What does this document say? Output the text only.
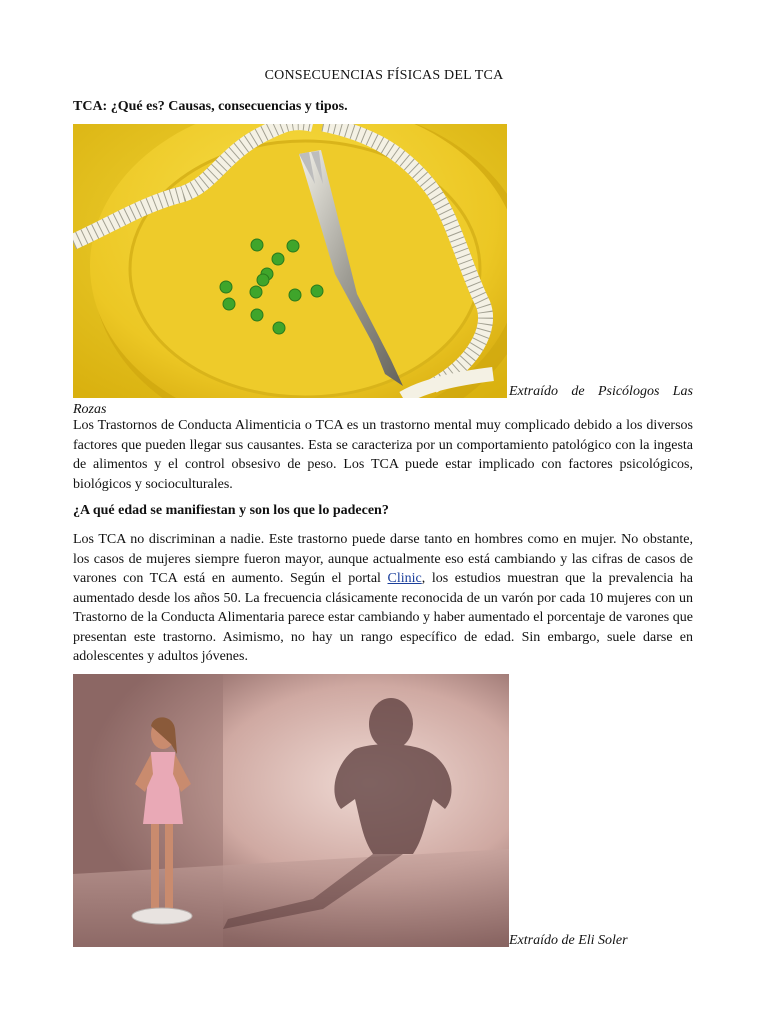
CONSECUENCIAS FÍSICAS DEL TCA
TCA: ¿Qué es? Causas, consecuencias y tipos.
Extraído de Psicólogos Las
Rozas
Los Trastornos de Conducta Alimenticia o TCA es un trastorno mental muy complicado debido a los diversos factores que pueden llegar sus causantes. Esta se caracteriza por un comportamiento patológico con la ingesta de alimentos y el control obsesivo de peso. Los TCA puede estar implicado con factores psicológicos, biológicos y socioculturales.
¿A qué edad se manifiestan y son los que lo padecen?
Los TCA no discriminan a nadie. Este trastorno puede darse tanto en hombres como en mujer. No obstante, los casos de mujeres siempre fueron mayor, aunque actualmente eso está cambiando y las cifras de casos de varones con TCA está en aumento. Según el portal Clinic, los estudios muestran que la prevalencia ha aumentado desde los años 50. La frecuencia clásicamente reconocida de un varón por cada 10 mujeres con un Trastorno de la Conducta Alimentaria parece estar cambiando y haber aumentado el porcentaje de varones que presentan este trastorno. Asimismo, no hay un rango específico de edad. Sin embargo, suele darse en adolescentes y adultos jóvenes.
Extraído de Eli Soler
